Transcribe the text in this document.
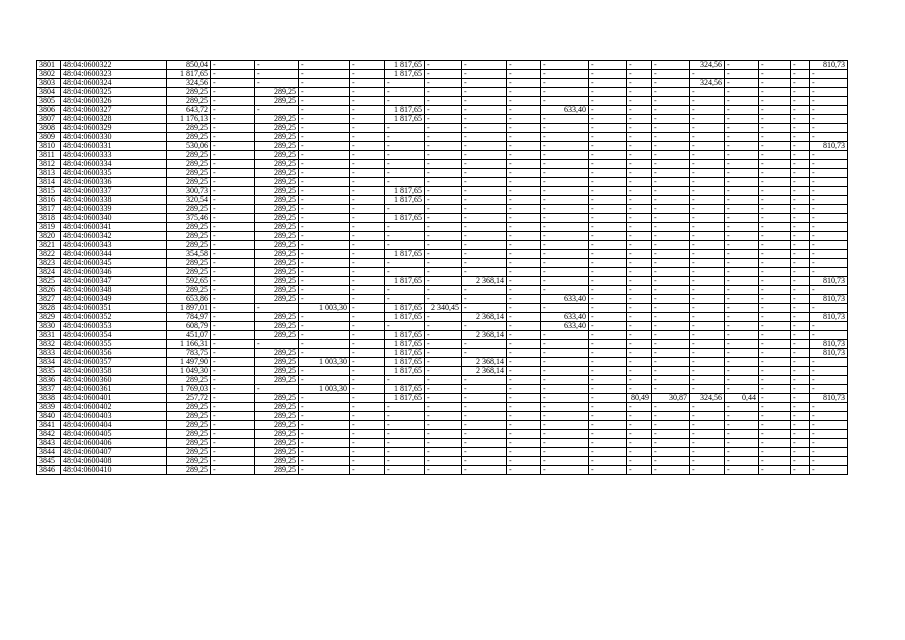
3801	48:04:0600322	850,04	-	-	-	-	1 817,65	-	-	-	-	-	-	-	324,56	-	-	-	810,73
3802	48:04:0600323	1 817,65	-	-	-	-	1 817,65	-	-	-	-	-	-	-	-	-	-	-	-
3803	48:04:0600324	324,56	-	-	-	-	-	-	-	-	-	-	-	-	324,56	-	-	-	-
3804	48:04:0600325	289,25	-	289,25	-	-	-	-	-	-	-	-	-	-	-	-	-	-	-
3805	48:04:0600326	289,25	-	289,25	-	-	-	-	-	-	-	-	-	-	-	-	-	-	-
3806	48:04:0600327	643,72	-	-	-	-	1 817,65	-	-	-	633,40	-	-	-	-	-	-	-	-
3807	48:04:0600328	1 176,13	-	289,25	-	-	1 817,65	-	-	-	-	-	-	-	-	-	-	-	-
3808	48:04:0600329	289,25	-	289,25	-	-	-	-	-	-	-	-	-	-	-	-	-	-	-
3809	48:04:0600330	289,25	-	289,25	-	-	-	-	-	-	-	-	-	-	-	-	-	-	-
3810	48:04:0600331	530,06	-	289,25	-	-	-	-	-	-	-	-	-	-	-	-	-	-	810,73
3811	48:04:0600333	289,25	-	289,25	-	-	-	-	-	-	-	-	-	-	-	-	-	-	-
3812	48:04:0600334	289,25	-	289,25	-	-	-	-	-	-	-	-	-	-	-	-	-	-	-
3813	48:04:0600335	289,25	-	289,25	-	-	-	-	-	-	-	-	-	-	-	-	-	-	-
3814	48:04:0600336	289,25	-	289,25	-	-	-	-	-	-	-	-	-	-	-	-	-	-	-
3815	48:04:0600337	300,73	-	289,25	-	-	1 817,65	-	-	-	-	-	-	-	-	-	-	-	-
3816	48:04:0600338	320,54	-	289,25	-	-	1 817,65	-	-	-	-	-	-	-	-	-	-	-	-
3817	48:04:0600339	289,25	-	289,25	-	-	-	-	-	-	-	-	-	-	-	-	-	-	-
3818	48:04:0600340	375,46	-	289,25	-	-	1 817,65	-	-	-	-	-	-	-	-	-	-	-	-
3819	48:04:0600341	289,25	-	289,25	-	-	-	-	-	-	-	-	-	-	-	-	-	-	-
3820	48:04:0600342	289,25	-	289,25	-	-	-	-	-	-	-	-	-	-	-	-	-	-	-
3821	48:04:0600343	289,25	-	289,25	-	-	-	-	-	-	-	-	-	-	-	-	-	-	-
3822	48:04:0600344	354,58	-	289,25	-	-	1 817,65	-	-	-	-	-	-	-	-	-	-	-	-
3823	48:04:0600345	289,25	-	289,25	-	-	-	-	-	-	-	-	-	-	-	-	-	-	-
3824	48:04:0600346	289,25	-	289,25	-	-	-	-	-	-	-	-	-	-	-	-	-	-	-
3825	48:04:0600347	592,65	-	289,25	-	-	1 817,65	-	2 368,14	-	-	-	-	-	-	-	-	-	810,73
3826	48:04:0600348	289,25	-	289,25	-	-	-	-	-	-	-	-	-	-	-	-	-	-	-
3827	48:04:0600349	653,86	-	289,25	-	-	-	-	-	-	633,40	-	-	-	-	-	-	-	810,73
3828	48:04:0600351	1 897,01	-	-	1 003,30	-	1 817,65	2 340,45	-	-	-	-	-	-	-	-	-	-	-
3829	48:04:0600352	784,97	-	289,25	-	-	1 817,65	-	2 368,14	-	633,40	-	-	-	-	-	-	-	810,73
3830	48:04:0600353	608,79	-	289,25	-	-	-	-	-	-	633,40	-	-	-	-	-	-	-	-
3831	48:04:0600354	451,07	-	289,25	-	-	1 817,65	-	2 368,14	-	-	-	-	-	-	-	-	-	-
3832	48:04:0600355	1 166,31	-	-	-	-	1 817,65	-	-	-	-	-	-	-	-	-	-	-	810,73
3833	48:04:0600356	783,75	-	289,25	-	-	1 817,65	-	-	-	-	-	-	-	-	-	-	-	810,73
3834	48:04:0600357	1 497,90	-	289,25	1 003,30	-	1 817,65	-	2 368,14	-	-	-	-	-	-	-	-	-	-
3835	48:04:0600358	1 049,30	-	289,25	-	-	1 817,65	-	2 368,14	-	-	-	-	-	-	-	-	-	-
3836	48:04:0600360	289,25	-	289,25	-	-	-	-	-	-	-	-	-	-	-	-	-	-	-
3837	48:04:0600361	1 769,03	-	-	1 003,30	-	1 817,65	-	-	-	-	-	-	-	-	-	-	-	-
3838	48:04:0600401	257,72	-	289,25	-	-	1 817,65	-	-	-	-	-	80,49	30,87	324,56	0,44	-	-	810,73
3839	48:04:0600402	289,25	-	289,25	-	-	-	-	-	-	-	-	-	-	-	-	-	-	-
3840	48:04:0600403	289,25	-	289,25	-	-	-	-	-	-	-	-	-	-	-	-	-	-	-
3841	48:04:0600404	289,25	-	289,25	-	-	-	-	-	-	-	-	-	-	-	-	-	-	-
3842	48:04:0600405	289,25	-	289,25	-	-	-	-	-	-	-	-	-	-	-	-	-	-	-
3843	48:04:0600406	289,25	-	289,25	-	-	-	-	-	-	-	-	-	-	-	-	-	-	-
3844	48:04:0600407	289,25	-	289,25	-	-	-	-	-	-	-	-	-	-	-	-	-	-	-
3845	48:04:0600408	289,25	-	289,25	-	-	-	-	-	-	-	-	-	-	-	-	-	-	-
3846	48:04:0600410	289,25	-	289,25	-	-	-	-	-	-	-	-	-	-	-	-	-	-	-
